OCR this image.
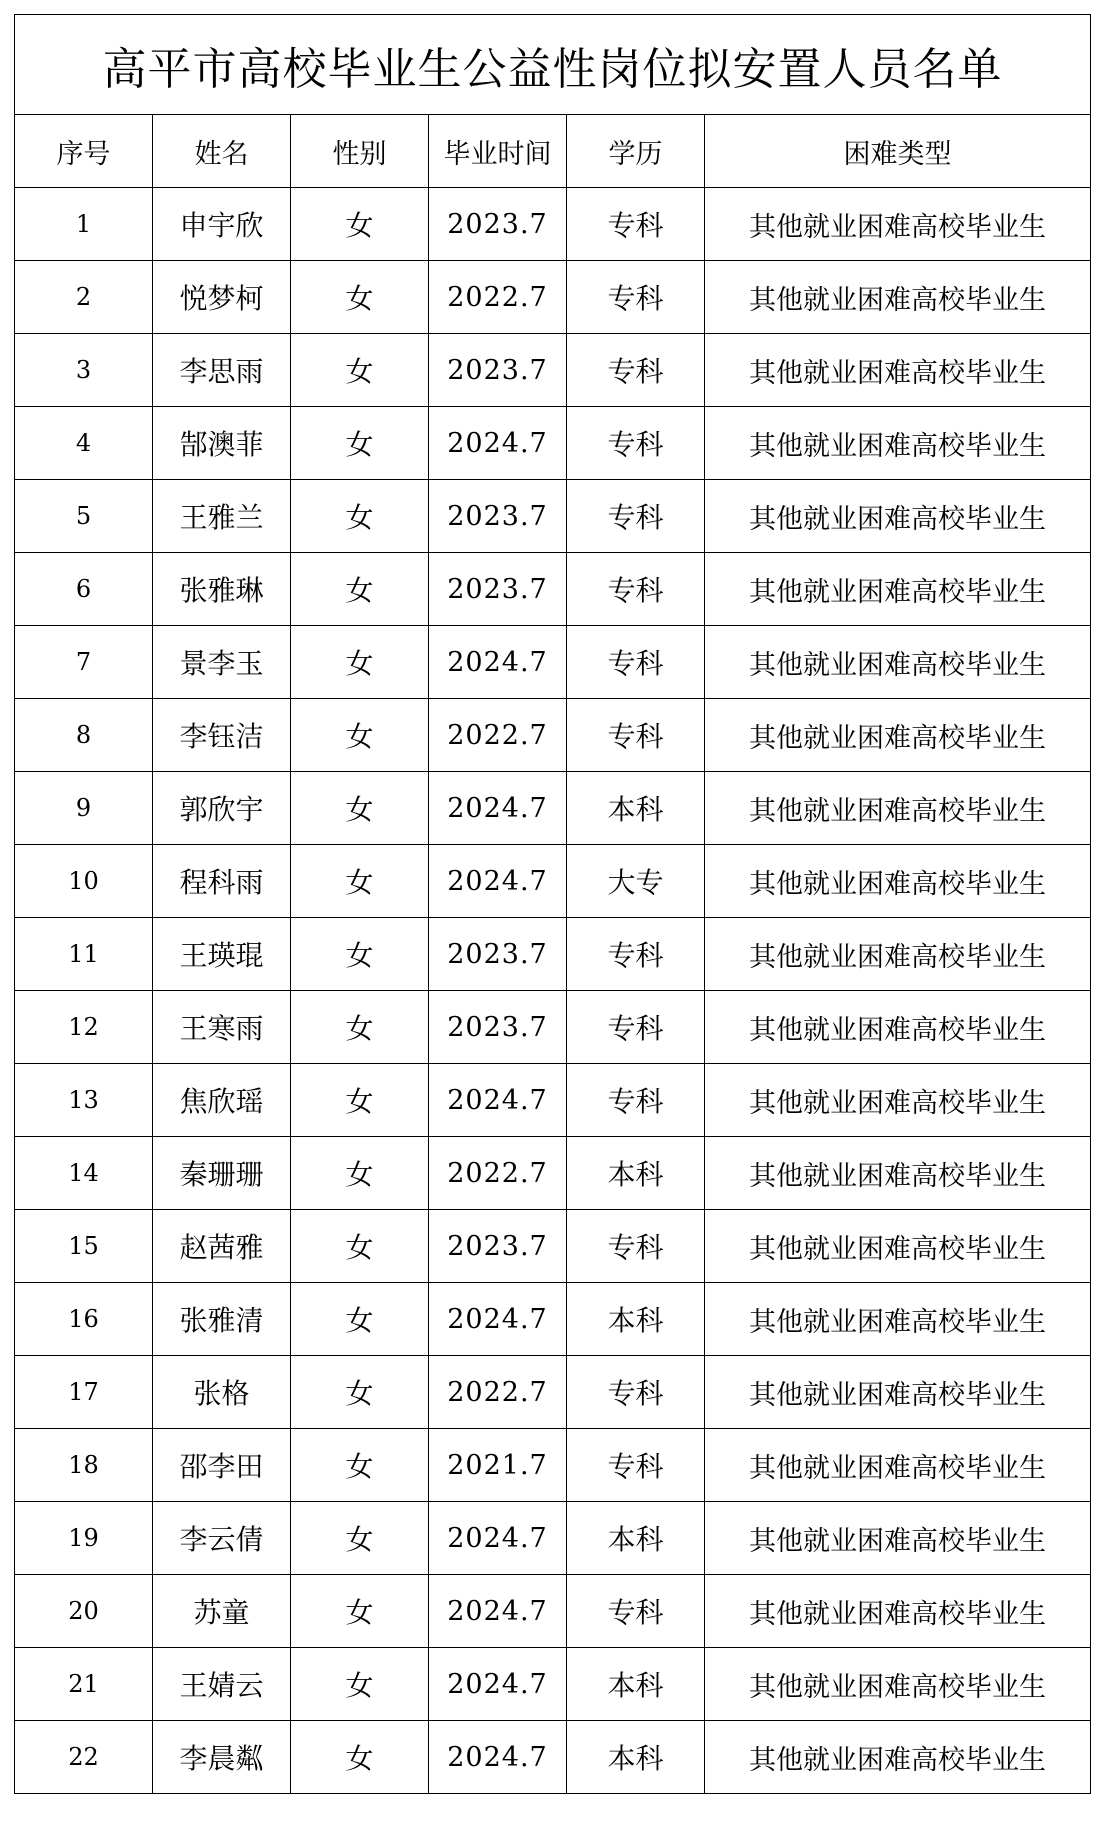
高平市高校毕业生公益性岗位拟安置人员名单					
序号	姓名	性别	毕业时间	学历	困难类型
1	申宇欣	女	2023.7	专科	其他就业困难高校毕业生
2	悦梦柯	女	2022.7	专科	其他就业困难高校毕业生
3	李思雨	女	2023.7	专科	其他就业困难高校毕业生
4	郜澳菲	女	2024.7	专科	其他就业困难高校毕业生
5	王雅兰	女	2023.7	专科	其他就业困难高校毕业生
6	张雅琳	女	2023.7	专科	其他就业困难高校毕业生
7	景李玉	女	2024.7	专科	其他就业困难高校毕业生
8	李钰洁	女	2022.7	专科	其他就业困难高校毕业生
9	郭欣宇	女	2024.7	本科	其他就业困难高校毕业生
10	程科雨	女	2024.7	大专	其他就业困难高校毕业生
11	王瑛琨	女	2023.7	专科	其他就业困难高校毕业生
12	王寒雨	女	2023.7	专科	其他就业困难高校毕业生
13	焦欣瑶	女	2024.7	专科	其他就业困难高校毕业生
14	秦珊珊	女	2022.7	本科	其他就业困难高校毕业生
15	赵茜雅	女	2023.7	专科	其他就业困难高校毕业生
16	张雅清	女	2024.7	本科	其他就业困难高校毕业生
17	张格	女	2022.7	专科	其他就业困难高校毕业生
18	邵李田	女	2021.7	专科	其他就业困难高校毕业生
19	李云倩	女	2024.7	本科	其他就业困难高校毕业生
20	苏童	女	2024.7	专科	其他就业困难高校毕业生
21	王婧云	女	2024.7	本科	其他就业困难高校毕业生
22	李晨粼	女	2024.7	本科	其他就业困难高校毕业生
